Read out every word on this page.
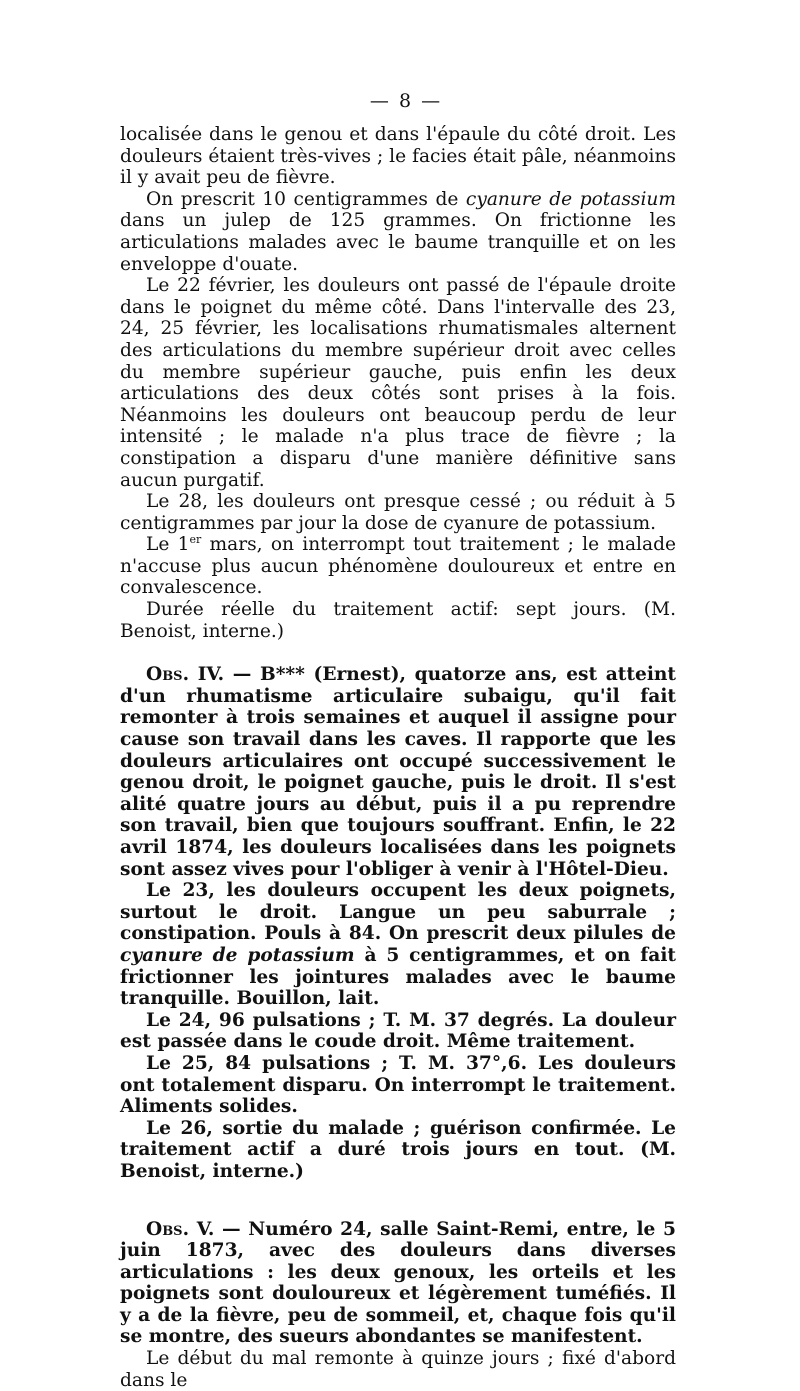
— 8 —

localisée dans le genou et dans l'épaule du côté droit. Les douleurs étaient très-vives ; le facies était pâle, néanmoins il y avait peu de fièvre.

On prescrit 10 centigrammes de cyanure de potassium dans un julep de 125 grammes. On frictionne les articulations malades avec le baume tranquille et on les enveloppe d'ouate.

Le 22 février, les douleurs ont passé de l'épaule droite dans le poignet du même côté. Dans l'intervalle des 23, 24, 25 février, les localisations rhumatismales alternent des articulations du membre supérieur droit avec celles du membre supérieur gauche, puis enfin les deux articulations des deux côtés sont prises à la fois. Néanmoins les douleurs ont beaucoup perdu de leur intensité ; le malade n'a plus trace de fièvre ; la constipation a disparu d'une manière définitive sans aucun purgatif.

Le 28, les douleurs ont presque cessé ; ou réduit à 5 centigrammes par jour la dose de cyanure de potassium.

Le 1er mars, on interrompt tout traitement ; le malade n'accuse plus aucun phénomène douloureux et entre en convalescence.

Durée réelle du traitement actif: sept jours. (M. Benoist, interne.)

Obs. IV. — B*** (Ernest), quatorze ans, est atteint d'un rhumatisme articulaire subaigu, qu'il fait remonter à trois semaines et auquel il assigne pour cause son travail dans les caves. Il rapporte que les douleurs articulaires ont occupé successivement le genou droit, le poignet gauche, puis le droit. Il s'est alité quatre jours au début, puis il a pu reprendre son travail, bien que toujours souffrant. Enfin, le 22 avril 1874, les douleurs localisées dans les poignets sont assez vives pour l'obliger à venir à l'Hôtel-Dieu.

Le 23, les douleurs occupent les deux poignets, surtout le droit. Langue un peu saburrale ; constipation. Pouls à 84. On prescrit deux pilules de cyanure de potassium à 5 centigrammes, et on fait frictionner les jointures malades avec le baume tranquille. Bouillon, lait.

Le 24, 96 pulsations ; T. M. 37 degrés. La douleur est passée dans le coude droit. Même traitement.

Le 25, 84 pulsations ; T. M. 37°,6. Les douleurs ont totalement disparu. On interrompt le traitement. Aliments solides.

Le 26, sortie du malade ; guérison confirmée. Le traitement actif a duré trois jours en tout. (M. Benoist, interne.)

Obs. V. — Numéro 24, salle Saint-Remi, entre, le 5 juin 1873, avec des douleurs dans diverses articulations : les deux genoux, les orteils et les poignets sont douloureux et légèrement tuméfiés. Il y a de la fièvre, peu de sommeil, et, chaque fois qu'il se montre, des sueurs abondantes se manifestent.

Le début du mal remonte à quinze jours ; fixé d'abord dans le
